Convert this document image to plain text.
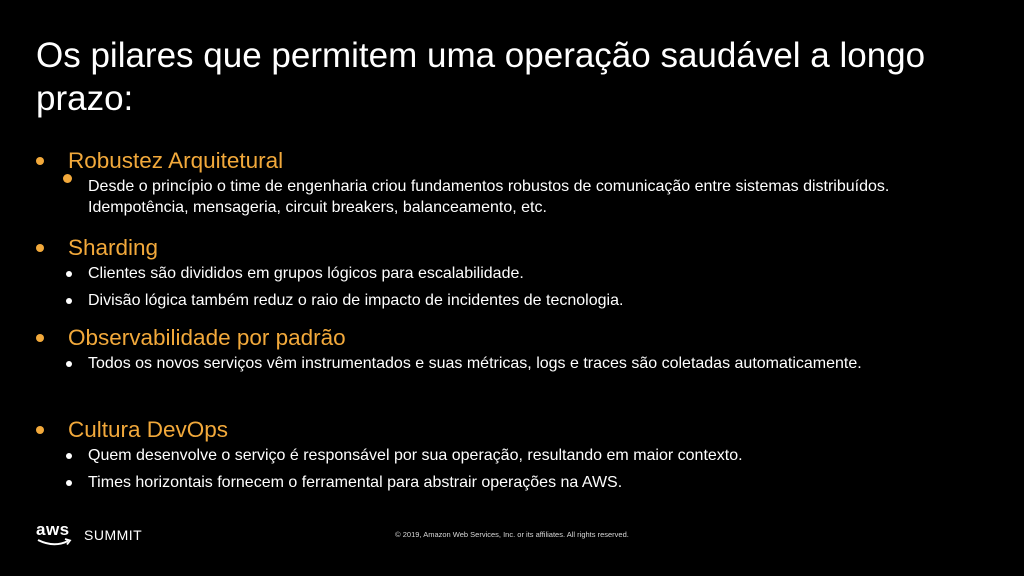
Os pilares que permitem uma operação saudável a longo prazo:
Robustez Arquitetural
Desde o princípio o time de engenharia criou fundamentos robustos de comunicação entre sistemas distribuídos. Idempotência, mensageria, circuit breakers, balanceamento, etc.
Sharding
Clientes são divididos em grupos lógicos para escalabilidade.
Divisão lógica também reduz o raio de impacto de incidentes de tecnologia.
Observabilidade por padrão
Todos os novos serviços vêm instrumentados e suas métricas, logs e traces são coletadas automaticamente.
Cultura DevOps
Quem desenvolve o serviço é responsável por sua operação, resultando em maior contexto.
Times horizontais fornecem o ferramental para abstrair operações na AWS.
aws SUMMIT	© 2019, Amazon Web Services, Inc. or its affiliates. All rights reserved.
